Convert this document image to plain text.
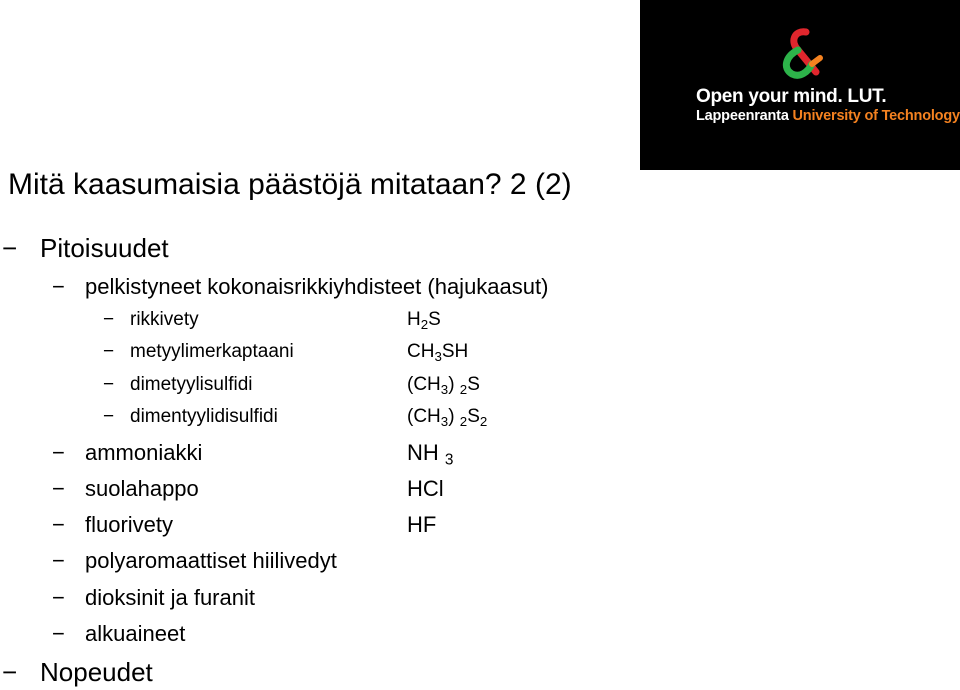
Open your mind. LUT.
Lappeenranta University of Technology
Mitä kaasumaisia päästöjä mitataan? 2 (2)
− Pitoisuudet
− pelkistyneet kokonaisrikkiyhdisteet (hajukaasut)
− rikkivety	$H_2S$
− metyylimerkaptaani	$CH_3SH$
− dimetyylisulfidi	$(CH_3)$ $_2$S
− dimentyylidisulfidi	$(CH_3)$ $_2S_2$
− ammoniakki	NH $_3$
− suolahappo	HCl
− fluorivety	HF
− polyaromaattiset hiilivedyt
− dioksinit ja furanit
− alkuaineet
− Nopeudet
